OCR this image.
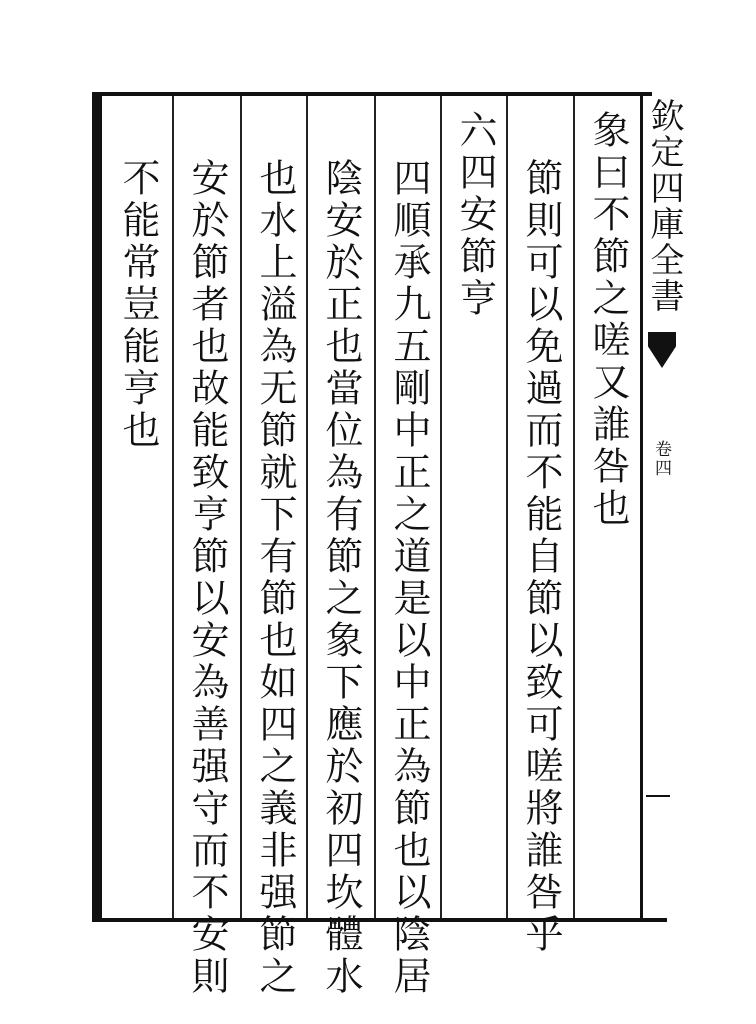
欽定四庫全書
卷四
象曰不節之嗟又誰咎也
節則可以免過而不能自節以致可嗟將誰咎乎
六四安節亨
四順承九五剛中正之道是以中正為節也以陰居
陰安於正也當位為有節之象下應於初四坎體水
也水上溢為无節就下有節也如四之義非强節之
安於節者也故能致亨節以安為善强守而不安則
不能常豈能亨也
